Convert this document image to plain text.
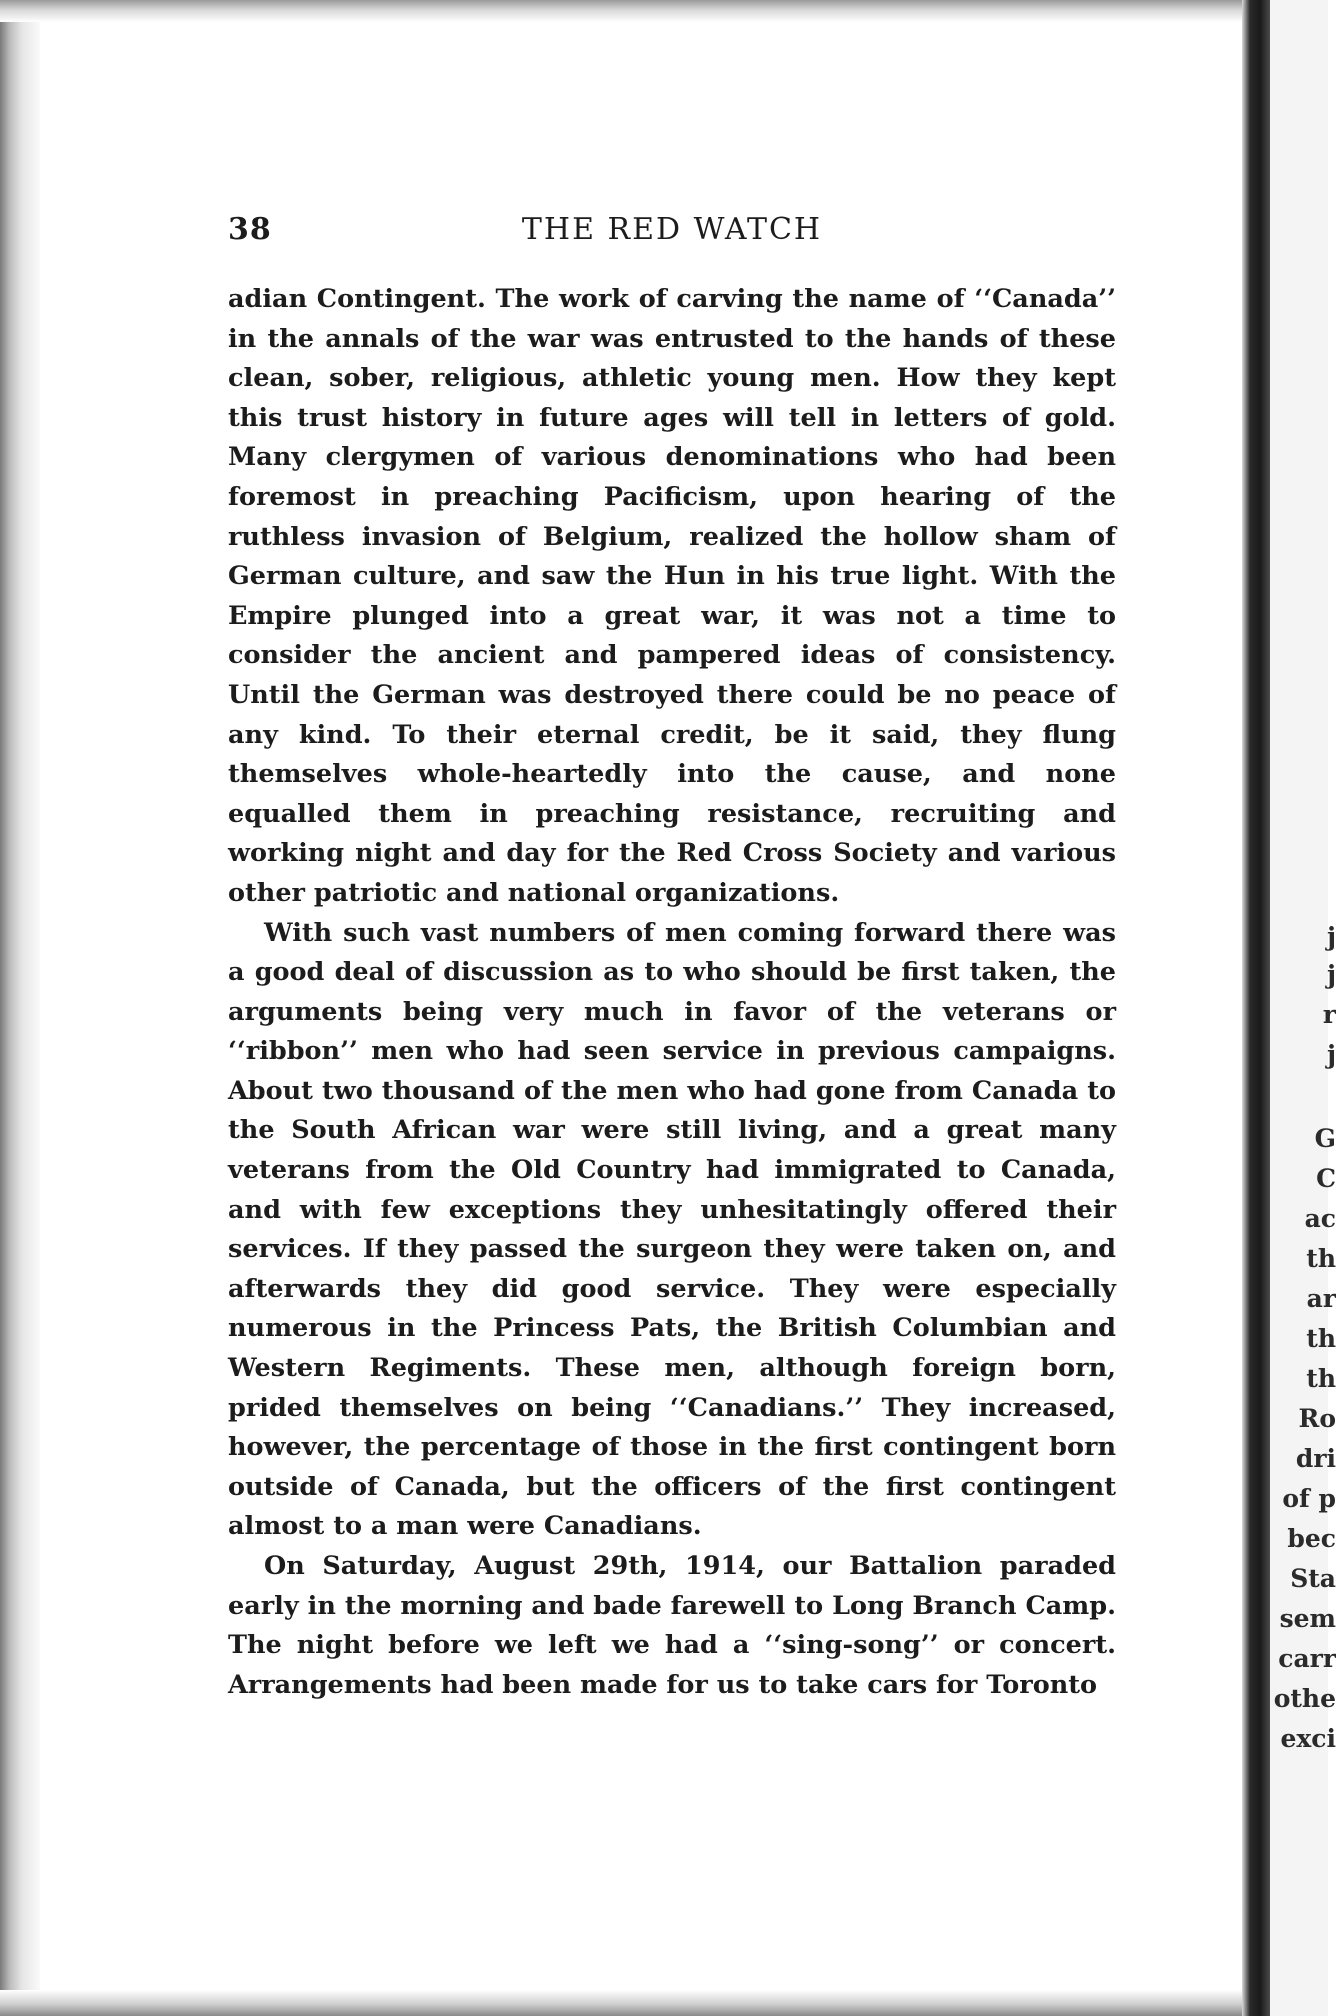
j
j
r
j
G
C
ac
th
ar
th
th
Ro
dri
of p
bec
Sta
sem
carr
othe
exci
38	THE RED WATCH

adian Contingent. The work of carving the name of ‘‘Canada’’ in the annals of the war was entrusted to the hands of these clean, sober, religious, athletic young men. How they kept this trust history in future ages will tell in letters of gold. Many clergymen of various denominations who had been foremost in preaching Pacificism, upon hearing of the ruthless invasion of Belgium, realized the hollow sham of German culture, and saw the Hun in his true light. With the Empire plunged into a great war, it was not a time to consider the ancient and pampered ideas of consistency. Until the German was destroyed there could be no peace of any kind. To their eternal credit, be it said, they flung themselves whole-heartedly into the cause, and none equalled them in preaching resistance, recruiting and working night and day for the Red Cross Society and various other patriotic and national organizations.

With such vast numbers of men coming forward there was a good deal of discussion as to who should be first taken, the arguments being very much in favor of the veterans or ‘‘ribbon’’ men who had seen service in previous campaigns. About two thousand of the men who had gone from Canada to the South African war were still living, and a great many veterans from the Old Country had immigrated to Canada, and with few exceptions they unhesitatingly offered their services. If they passed the surgeon they were taken on, and afterwards they did good service. They were especially numerous in the Princess Pats, the British Columbian and Western Regiments. These men, although foreign born, prided themselves on being ‘‘Canadians.’’ They increased, however, the percentage of those in the first contingent born outside of Canada, but the officers of the first contingent almost to a man were Canadians.

On Saturday, August 29th, 1914, our Battalion paraded early in the morning and bade farewell to Long Branch Camp. The night before we left we had a ‘‘sing-song’’ or concert. Arrangements had been made for us to take cars for Toronto
